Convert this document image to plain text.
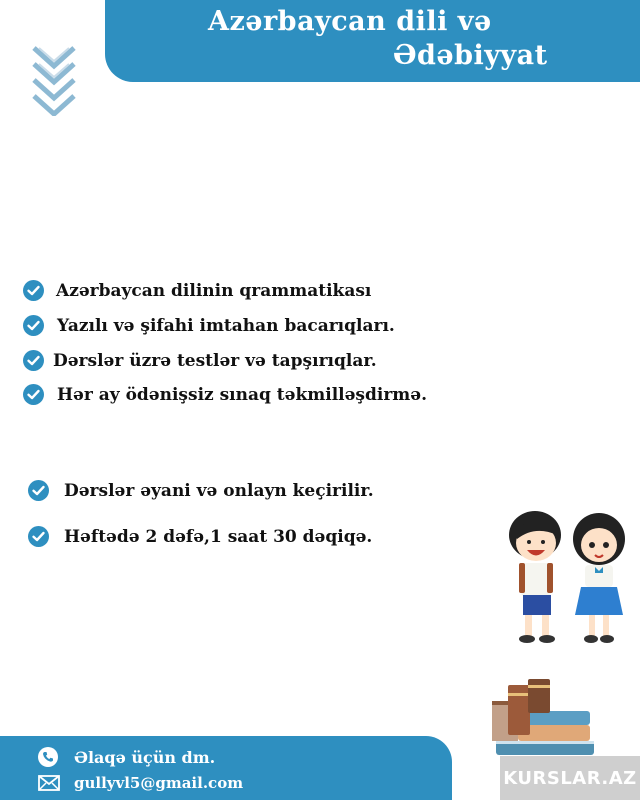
Azərbaycan dili və
Ədəbiyyat
Azərbaycan dilinin qrammatikası
Yazılı və şifahi imtahan bacarıqları.
Dərslər üzrə testlər və tapşırıqlar.
Hər ay ödənişsiz sınaq təkmilləşdirmə.
Dərslər əyani və onlayn keçirilir.
Həftədə 2 dəfə,1 saat 30 dəqiqə.
Əlaqə üçün dm.
gullyvl5@gmail.com	KURSLAR.AZ
